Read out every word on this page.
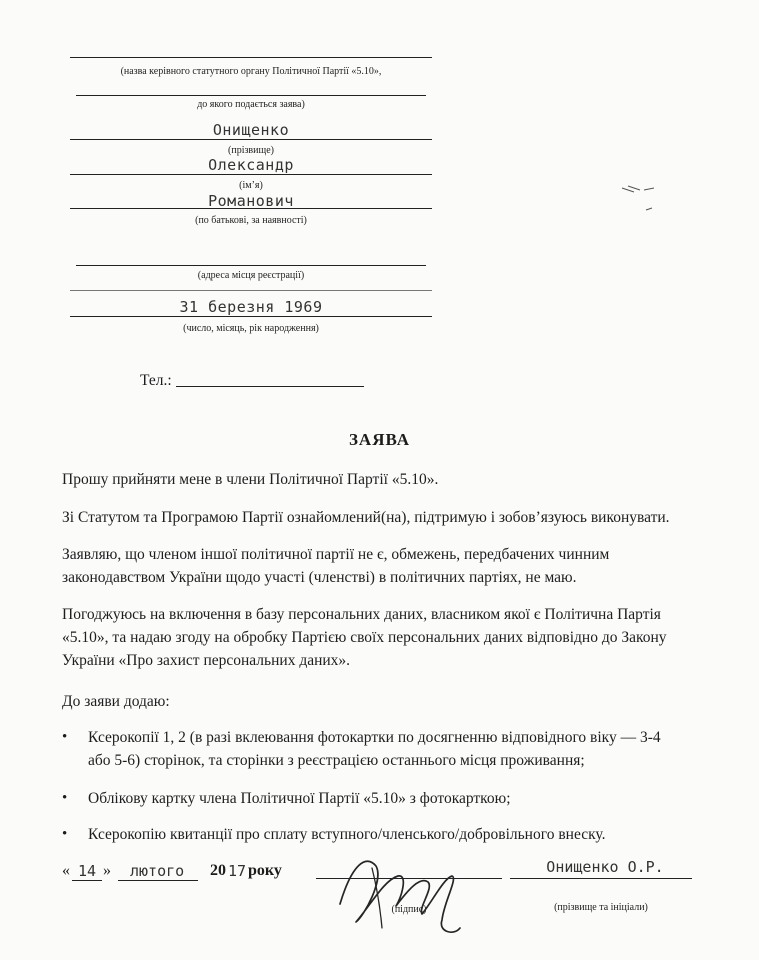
(назва керівного статутного органу Політичної Партії «5.10»,
до якого подається заява)
Онищенко
(прізвище)
Олександр
(ім’я)
Романович
(по батькові, за наявності)
(адреса місця реєстрації)
31 березня 1969
(число, місяць, рік народження)
Тел.:
ЗАЯВА
Прошу прийняти мене в члени Політичної Партії «5.10».
Зі Статутом та Програмою Партії ознайомлений(на), підтримую і зобов’язуюсь виконувати.
Заявляю, що членом іншої політичної партії не є, обмежень, передбачених чинним
законодавством України щодо участі (членстві) в політичних партіях, не маю.
Погоджуюсь на включення в базу персональних даних, власником якої є Політична Партія
«5.10», та надаю згоду на обробку Партією своїх персональних даних відповідно до Закону
України «Про захист персональних даних».
До заяви додаю:
• Ксерокопії 1, 2 (в разі вклеювання фотокартки по досягненню відповідного віку — 3-4
або 5-6) сторінок, та сторінки з реєстрацією останнього місця проживання;
• Облікову картку члена Політичної Партії «5.10» з фотокарткою;
• Ксерокопію квитанції про сплату вступного/членського/добровільного внеску.
« 14 » лютого 20 17 року
(підпис)
Онищенко О.Р.
(прізвище та ініціали)
